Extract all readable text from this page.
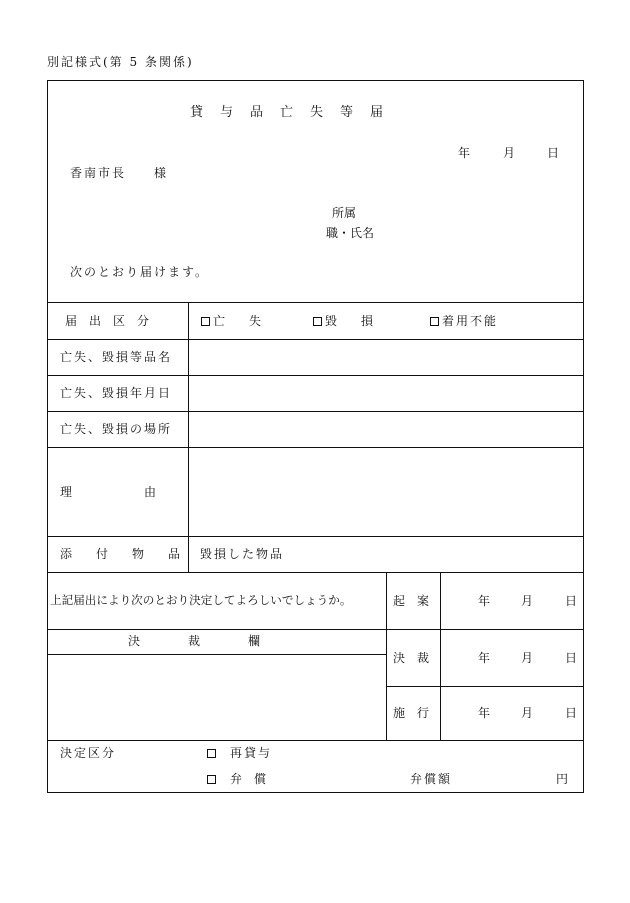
別記様式(第 5 条関係)
貸　与　品　亡　失　等　届
年	月	日
香南市長　　様
所属
職・氏名
次のとおり届けます。
届　出　区　分	亡　　失	毀　　損	着用不能
亡失、毀損等品名
亡失、毀損年月日
亡失、毀損の場所
理　　　　　　由
添　　付　　物　　品 毀損した物品
上記届出により次のとおり決定してよろしいでしょうか。	起　案	年	月	日
決　　　　裁　　　　欄
決　裁	年	月	日
施　行	年	月	日
決定区分	再貸与
弁　償	弁償額	円
